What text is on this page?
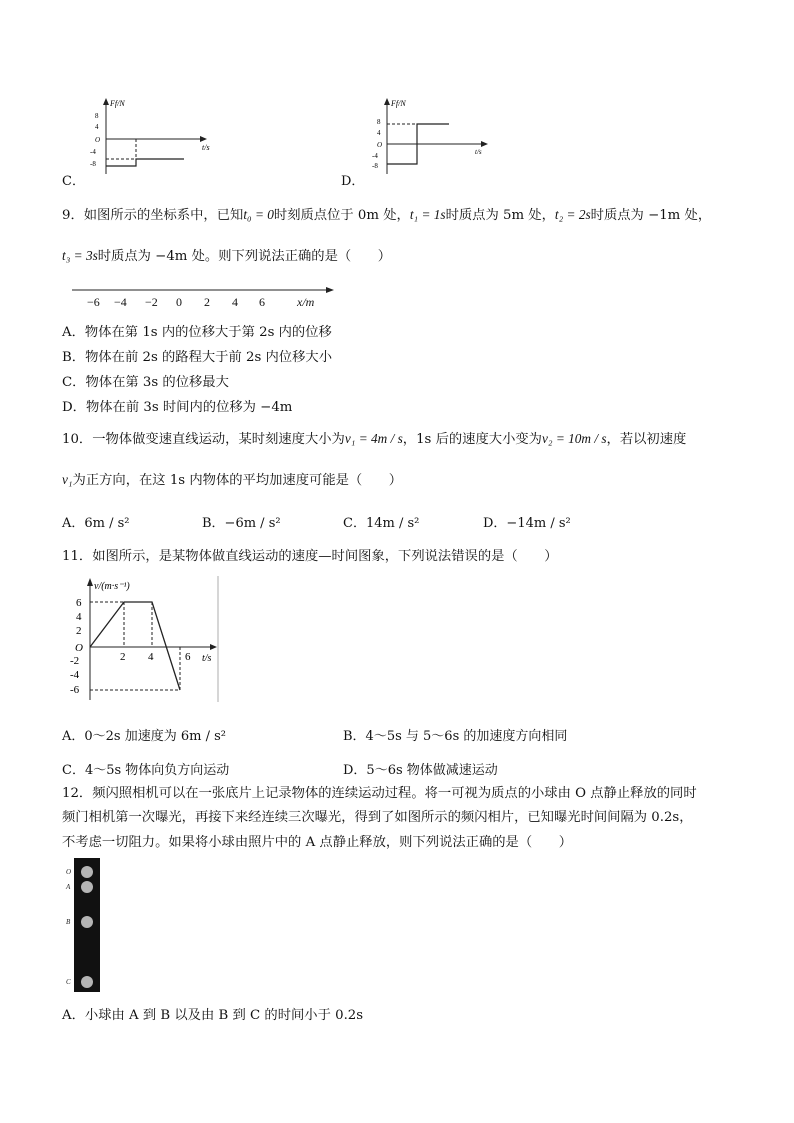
Ff/N
t/s
8
4
O
-4
-8
C．
Ff/N
t/s
8
4
O
-4
-8
D．
9．如图所示的坐标系中，已知t₀ = 0时刻质点位于 0m 处，t₁ = 1s时质点为 5m 处，t₂ = 2s时质点为 −1m 处，
t₃ = 3s时质点为 −4m 处。则下列说法正确的是（　　）
−6 −4 −2 0 2 4 6	x/m
A．物体在第 1s 内的位移大于第 2s 内的位移
B．物体在前 2s 的路程大于前 2s 内位移大小
C．物体在第 3s 的位移最大
D．物体在前 3s 时间内的位移为 −4m
10．一物体做变速直线运动，某时刻速度大小为v₁ = 4m / s，1s 后的速度大小变为v₂ = 10m / s，若以初速度
v₁为正方向，在这 1s 内物体的平均加速度可能是（　　）
A．6m / s²	B．−6m / s²	C．14m / s²	D．−14m / s²
11．如图所示，是某物体做直线运动的速度—时间图象，下列说法错误的是（　　）
v/(m·s⁻¹)
t/s
6
4
2
O
-2
-4
-6
2 4	6
A．0～2s 加速度为 6m / s²	B．4～5s 与 5～6s 的加速度方向相同
C．4～5s 物体向负方向运动	D．5～6s 物体做减速运动
12．频闪照相机可以在一张底片上记录物体的连续运动过程。将一可视为质点的小球由 O 点静止释放的同时
频门相机第一次曝光，再接下来经连续三次曝光，得到了如图所示的频闪相片，已知曝光时间间隔为 0.2s，
不考虑一切阻力。如果将小球由照片中的 A 点静止释放，则下列说法正确的是（　　）
O
A
B
C
A．小球由 A 到 B 以及由 B 到 C 的时间小于 0.2s
